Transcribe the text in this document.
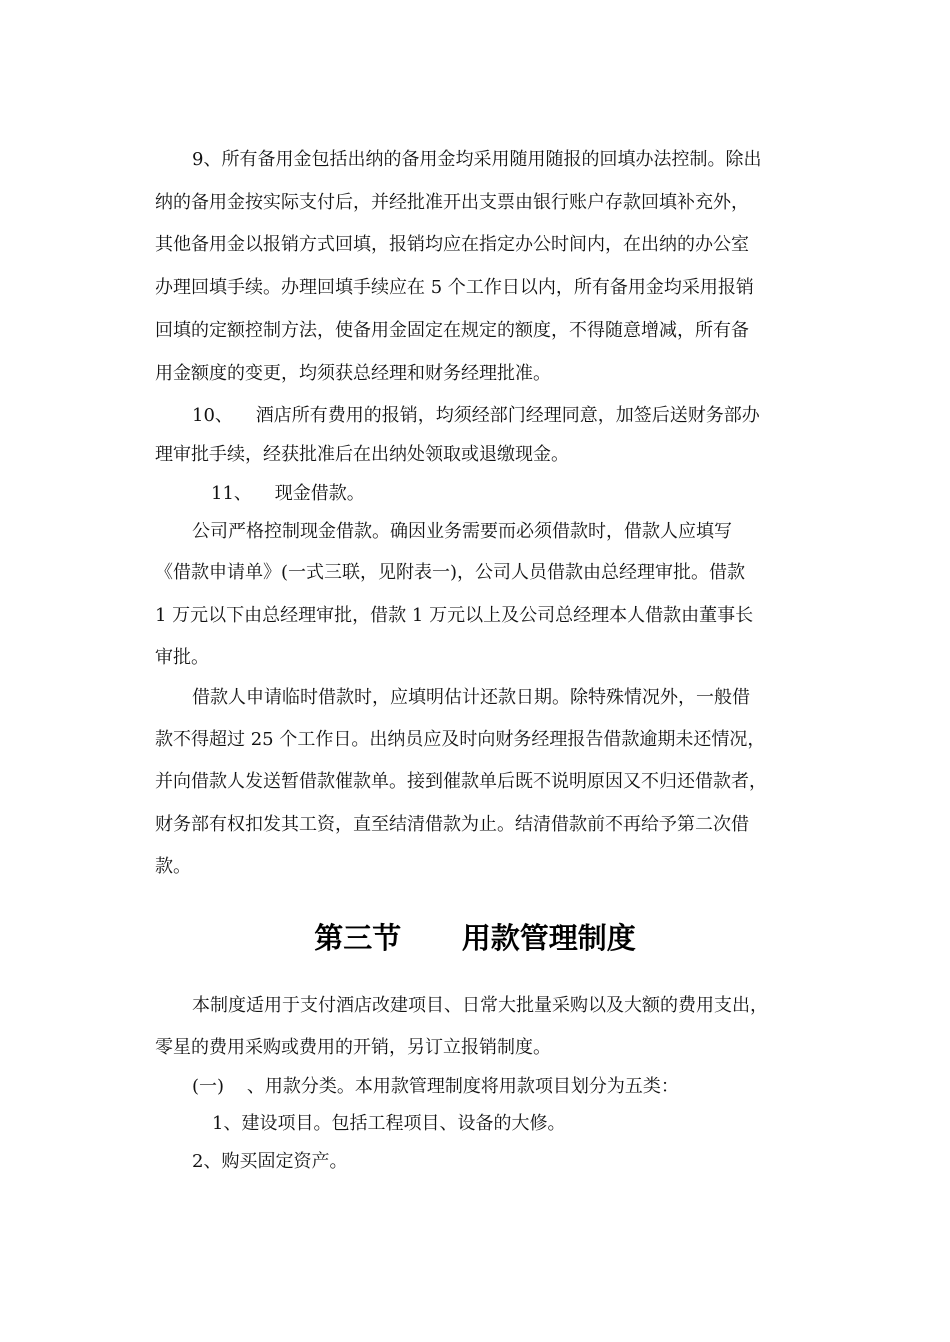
9、所有备用金包括出纳的备用金均采用随用随报的回填办法控制。除出
纳的备用金按实际支付后，并经批准开出支票由银行账户存款回填补充外，
其他备用金以报销方式回填，报销均应在指定办公时间内，在出纳的办公室
办理回填手续。办理回填手续应在 5 个工作日以内，所有备用金均采用报销
回填的定额控制方法，使备用金固定在规定的额度，不得随意增减，所有备
用金额度的变更，均须获总经理和财务经理批准。
10、    酒店所有费用的报销，均须经部门经理同意，加签后送财务部办
理审批手续，经获批准后在出纳处领取或退缴现金。
11、    现金借款。
公司严格控制现金借款。确因业务需要而必须借款时，借款人应填写
《借款申请单》(一式三联，见附表一)，公司人员借款由总经理审批。借款
1 万元以下由总经理审批，借款 1 万元以上及公司总经理本人借款由董事长
审批。
借款人申请临时借款时，应填明估计还款日期。除特殊情况外，一般借
款不得超过 25 个工作日。出纳员应及时向财务经理报告借款逾期未还情况，
并向借款人发送暂借款催款单。接到催款单后既不说明原因又不归还借款者，
财务部有权扣发其工资，直至结清借款为止。结清借款前不再给予第二次借
款。
第三节      用款管理制度
本制度适用于支付酒店改建项目、日常大批量采购以及大额的费用支出，
零星的费用采购或费用的开销，另订立报销制度。
(一)    、用款分类。本用款管理制度将用款项目划分为五类：
1、建设项目。包括工程项目、设备的大修。
2、购买固定资产。
